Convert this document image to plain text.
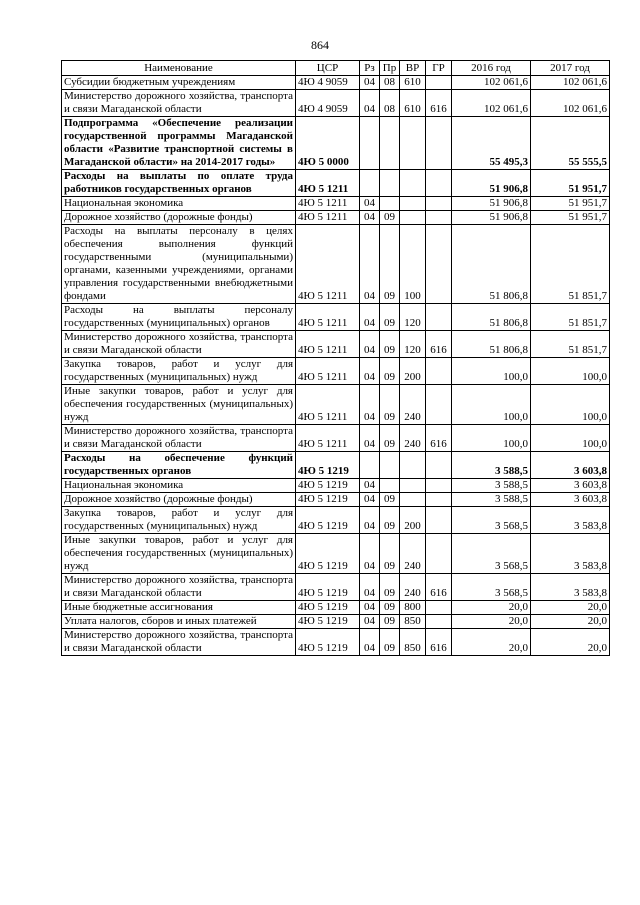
864
Наименование	ЦСР	Рз	Пр	ВР	ГР	2016 год	2017 год
Субсидии бюджетным учреждениям	4Ю 4 9059	04	08	610		102 061,6	102 061,6
Министерство дорожного хозяйства, транспорта и связи Магаданской области	4Ю 4 9059	04	08	610	616	102 061,6	102 061,6
Подпрограмма «Обеспечение реализации государственной программы Магаданской области «Развитие транспортной системы в Магаданской области» на 2014-2017 годы»	4Ю 5 0000					55 495,3	55 555,5
Расходы на выплаты по оплате труда работников государственных органов	4Ю 5 1211					51 906,8	51 951,7
Национальная экономика	4Ю 5 1211	04				51 906,8	51 951,7
Дорожное хозяйство (дорожные фонды)	4Ю 5 1211	04	09			51 906,8	51 951,7
Расходы на выплаты персоналу в целях обеспечения выполнения функций государственными (муниципальными) органами, казенными учреждениями, органами управления государственными внебюджетными фондами	4Ю 5 1211	04	09	100		51 806,8	51 851,7
Расходы на выплаты персоналу государственных (муниципальных) органов	4Ю 5 1211	04	09	120		51 806,8	51 851,7
Министерство дорожного хозяйства, транспорта и связи Магаданской области	4Ю 5 1211	04	09	120	616	51 806,8	51 851,7
Закупка товаров, работ и услуг для государственных (муниципальных) нужд	4Ю 5 1211	04	09	200		100,0	100,0
Иные закупки товаров, работ и услуг для обеспечения государственных (муниципальных) нужд	4Ю 5 1211	04	09	240		100,0	100,0
Министерство дорожного хозяйства, транспорта и связи Магаданской области	4Ю 5 1211	04	09	240	616	100,0	100,0
Расходы на обеспечение функций государственных органов	4Ю 5 1219					3 588,5	3 603,8
Национальная экономика	4Ю 5 1219	04				3 588,5	3 603,8
Дорожное хозяйство (дорожные фонды)	4Ю 5 1219	04	09			3 588,5	3 603,8
Закупка товаров, работ и услуг для государственных (муниципальных) нужд	4Ю 5 1219	04	09	200		3 568,5	3 583,8
Иные закупки товаров, работ и услуг для обеспечения государственных (муниципальных) нужд	4Ю 5 1219	04	09	240		3 568,5	3 583,8
Министерство дорожного хозяйства, транспорта и связи Магаданской области	4Ю 5 1219	04	09	240	616	3 568,5	3 583,8
Иные бюджетные ассигнования	4Ю 5 1219	04	09	800		20,0	20,0
Уплата налогов, сборов и иных платежей	4Ю 5 1219	04	09	850		20,0	20,0
Министерство дорожного хозяйства, транспорта и связи Магаданской области	4Ю 5 1219	04	09	850	616	20,0	20,0
